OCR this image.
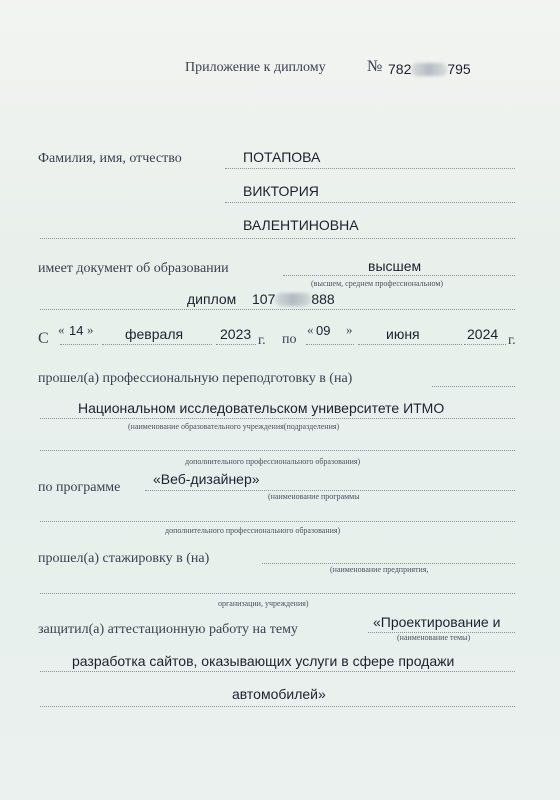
Приложение к диплому	№ 782	795
Фамилия, имя, отчество	ПОТАПОВА
ВИКТОРИЯ
ВАЛЕНТИНОВНА
имеет документ об образовании	высшем
(высшем, среднем профессиональном)
диплом 107	888
С
« 14 » февраля	2023 г. по
« 09 » июня	2024 г.
прошел(а) профессиональную переподготовку в (на)
Национальном исследовательском университете ИТМО
(наименование образовательного учреждения(подразделения)
дополнительного профессионального образования)
по программе
«Веб-дизайнер»
(наименование программы
дополнительного профессионального образования)
прошел(а) стажировку в (на)
(наименование предприятия,
организации, учреждения)
защитил(а) аттестационную работу на тему	«Проектирование и
(наименование темы)
разработка сайтов, оказывающих услуги в сфере продажи
автомобилей»
